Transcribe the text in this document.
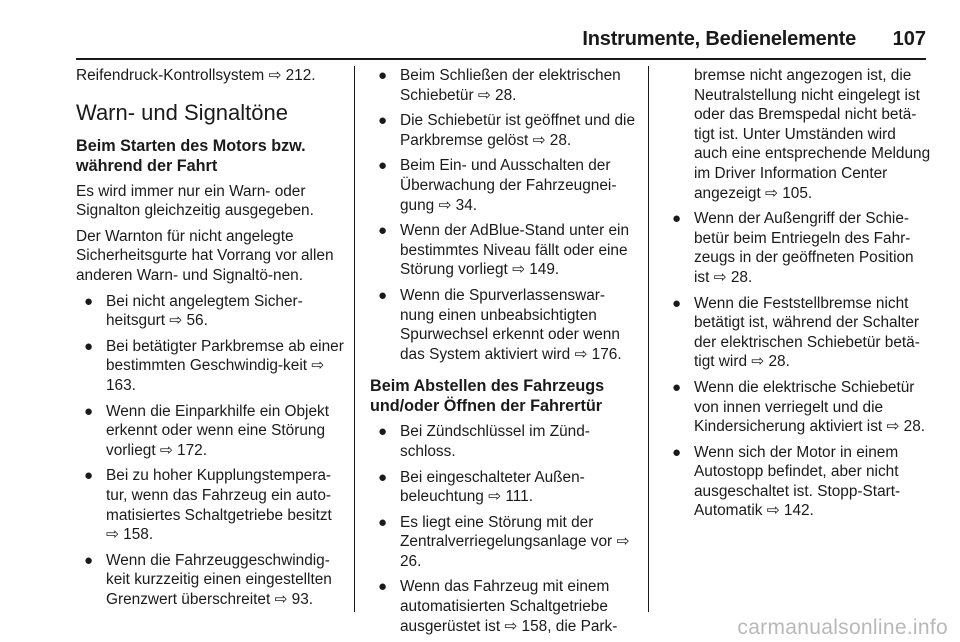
Instrumente, Bedienelemente 107

Reifendruck-Kontrollsystem ⇨ 212.

Warn- und Signaltöne
Beim Starten des Motors bzw. während der Fahrt

Es wird immer nur ein Warn- oder Signalton gleichzeitig ausgegeben.

Der Warnton für nicht angelegte Sicherheitsgurte hat Vorrang vor allen anderen Warn- und Signaltö-nen.

● Bei nicht angelegtem Sicher-heitsgurt ⇨ 56.
● Bei betätigter Parkbremse ab einer bestimmten Geschwindig-keit ⇨ 163.
● Wenn die Einparkhilfe ein Objekt erkennt oder wenn eine Störung vorliegt ⇨ 172.
● Bei zu hoher Kupplungstempera-tur, wenn das Fahrzeug ein auto-matisiertes Schaltgetriebe besitzt ⇨ 158.
● Wenn die Fahrzeuggeschwindig-keit kurzzeitig einen eingestellten Grenzwert überschreitet ⇨ 93.
● Beim Schließen der elektrischen Schiebetür ⇨ 28.
● Die Schiebetür ist geöffnet und die Parkbremse gelöst ⇨ 28.
● Beim Ein- und Ausschalten der Überwachung der Fahrzeugnei-gung ⇨ 34.
● Wenn der AdBlue-Stand unter ein bestimmtes Niveau fällt oder eine Störung vorliegt ⇨ 149.
● Wenn die Spurverlassenswar-nung einen unbeabsichtigten Spurwechsel erkennt oder wenn das System aktiviert wird ⇨ 176.
Beim Abstellen des Fahrzeugs und/oder Öffnen der Fahrertür
● Bei Zündschlüssel im Zünd-schloss.
● Bei eingeschalteter Außen-beleuchtung ⇨ 111.
● Es liegt eine Störung mit der Zentralverriegelungsanlage vor ⇨ 26.
● Wenn das Fahrzeug mit einem automatisierten Schaltgetriebe ausgerüstet ist ⇨ 158, die Park-

bremse nicht angezogen ist, die Neutralstellung nicht eingelegt ist oder das Bremspedal nicht betä-tigt ist. Unter Umständen wird auch eine entsprechende Meldung im Driver Information Center angezeigt ⇨ 105.

● Wenn der Außengriff der Schie-betür beim Entriegeln des Fahr-zeugs in der geöffneten Position ist ⇨ 28.
● Wenn die Feststellbremse nicht betätigt ist, während der Schalter der elektrischen Schiebetür betä-tigt wird ⇨ 28.
● Wenn die elektrische Schiebetür von innen verriegelt und die Kindersicherung aktiviert ist ⇨ 28.
● Wenn sich der Motor in einem Autostopp befindet, aber nicht ausgeschaltet ist. Stopp-Start-Automatik ⇨ 142.
carmanualsonline.info
